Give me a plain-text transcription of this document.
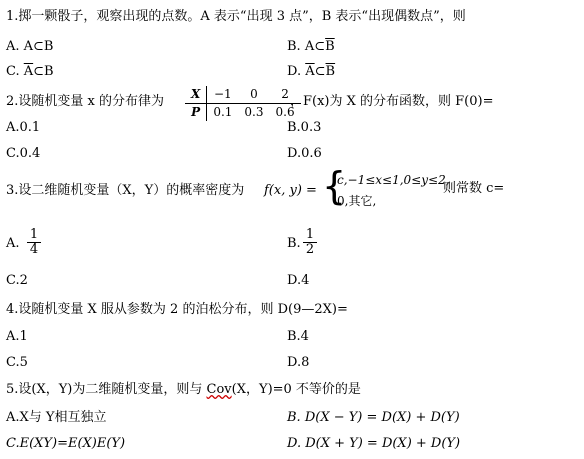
1.掷一颗骰子，观察出现的点数。A 表示“出现 3 点”，B 表示“出现偶数点”，则
A. A⊂B	B. $A\subset\overline{B}$
C. $\overline{A}\subset B$	D. $\overline{A}\subset\overline{B}$
2.设随机变量 x 的分布律为 X	−1	0	2
P	0.1	0.3	0.6
，F(x)为 X 的分布函数，则 F(0)=
A.0.1	B.0.3
C.0.4	D.0.6
3.设二维随机变量（X，Y）的概率密度为 f(x, y) = {
c,−1≤x≤1,0≤y≤2,
0,其它,
则常数 c=
A. $\frac{1}{4}$	B. $\frac{1}{2}$
C.2	D.4
4.设随机变量 X 服从参数为 2 的泊松分布，则 D(9—2X)=
A.1	B.4
C.5	D.8
5.设(X，Y)为二维随机变量，则与 Cov(X，Y)=0 不等价的是
A.X与 Y相互独立	B. D(X − Y) = D(X) + D(Y)
C.E(XY)=E(X)E(Y)	D. D(X + Y) = D(X) + D(Y)
